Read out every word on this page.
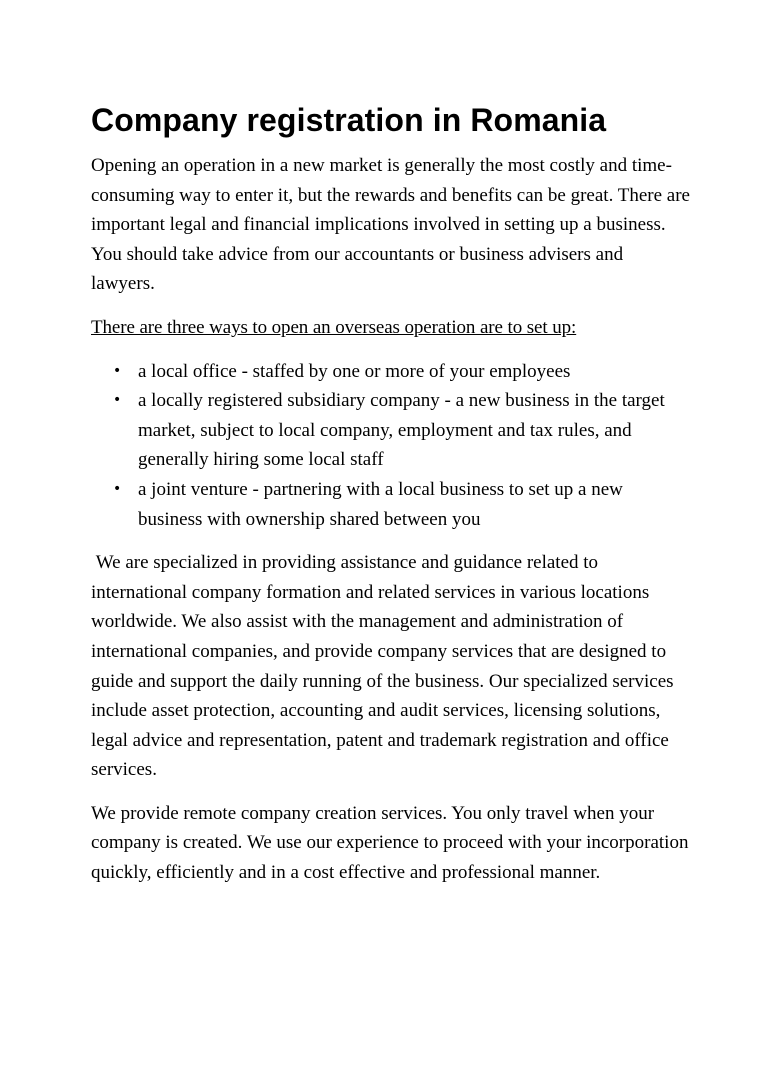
Company registration in Romania

Opening an operation in a new market is generally the most costly and time-consuming way to enter it, but the rewards and benefits can be great. There are important legal and financial implications involved in setting up a business. You should take advice from our accountants or business advisers and lawyers.

There are three ways to open an overseas operation are to set up:

• a local office - staffed by one or more of your employees
• a locally registered subsidiary company - a new business in the target market, subject to local company, employment and tax rules, and generally hiring some local staff
• a joint venture - partnering with a local business to set up a new business with ownership shared between you

We are specialized in providing assistance and guidance related to international company formation and related services in various locations worldwide. We also assist with the management and administration of international companies, and provide company services that are designed to guide and support the daily running of the business. Our specialized services include asset protection, accounting and audit services, licensing solutions, legal advice and representation, patent and trademark registration and office services.

We provide remote company creation services. You only travel when your company is created. We use our experience to proceed with your incorporation quickly, efficiently and in a cost effective and professional manner.
